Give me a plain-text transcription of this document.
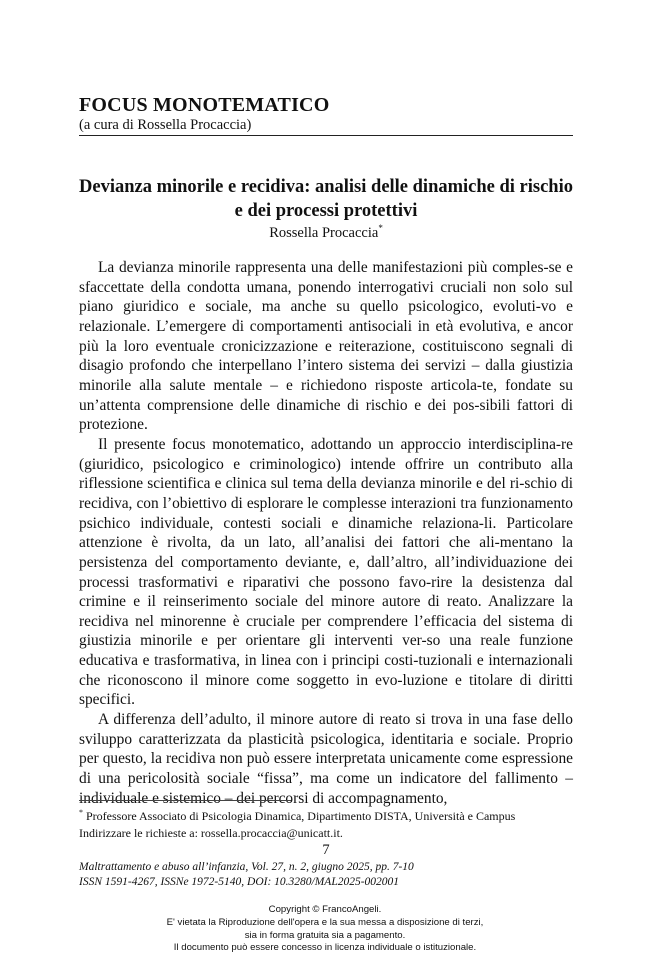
FOCUS MONOTEMATICO
(a cura di Rossella Procaccia)
Devianza minorile e recidiva: analisi delle dinamiche di rischio e dei processi protettivi
Rossella Procaccia*

La devianza minorile rappresenta una delle manifestazioni più comples-se e sfaccettate della condotta umana, ponendo interrogativi cruciali non solo sul piano giuridico e sociale, ma anche su quello psicologico, evoluti-vo e relazionale. L’emergere di comportamenti antisociali in età evolutiva, e ancor più la loro eventuale cronicizzazione e reiterazione, costituiscono segnali di disagio profondo che interpellano l’intero sistema dei servizi – dalla giustizia minorile alla salute mentale – e richiedono risposte articola-te, fondate su un’attenta comprensione delle dinamiche di rischio e dei pos-sibili fattori di protezione.

Il presente focus monotematico, adottando un approccio interdisciplina-re (giuridico, psicologico e criminologico) intende offrire un contributo alla riflessione scientifica e clinica sul tema della devianza minorile e del ri-schio di recidiva, con l’obiettivo di esplorare le complesse interazioni tra funzionamento psichico individuale, contesti sociali e dinamiche relaziona-li. Particolare attenzione è rivolta, da un lato, all’analisi dei fattori che ali-mentano la persistenza del comportamento deviante, e, dall’altro, all’individuazione dei processi trasformativi e riparativi che possono favo-rire la desistenza dal crimine e il reinserimento sociale del minore autore di reato. Analizzare la recidiva nel minorenne è cruciale per comprendere l’efficacia del sistema di giustizia minorile e per orientare gli interventi ver-so una reale funzione educativa e trasformativa, in linea con i principi costi-tuzionali e internazionali che riconoscono il minore come soggetto in evo-luzione e titolare di diritti specifici.

A differenza dell’adulto, il minore autore di reato si trova in una fase dello sviluppo caratterizzata da plasticità psicologica, identitaria e sociale. Proprio per questo, la recidiva non può essere interpretata unicamente come espressione di una pericolosità sociale “fissa”, ma come un indicatore del fallimento – individuale e sistemico – dei percorsi di accompagnamento,

* Professore Associato di Psicologia Dinamica, Dipartimento DISTA, Università e Campus
Indirizzare le richieste a: rossella.procaccia@unicatt.it.
7
Maltrattamento e abuso all’infanzia, Vol. 27, n. 2, giugno 2025, pp. 7-10
ISSN 1591-4267, ISSNe 1972-5140, DOI: 10.3280/MAL2025-002001
Copyright © FrancoAngeli.
E' vietata la Riproduzione dell'opera e la sua messa a disposizione di terzi,
sia in forma gratuita sia a pagamento.
Il documento può essere concesso in licenza individuale o istituzionale.
